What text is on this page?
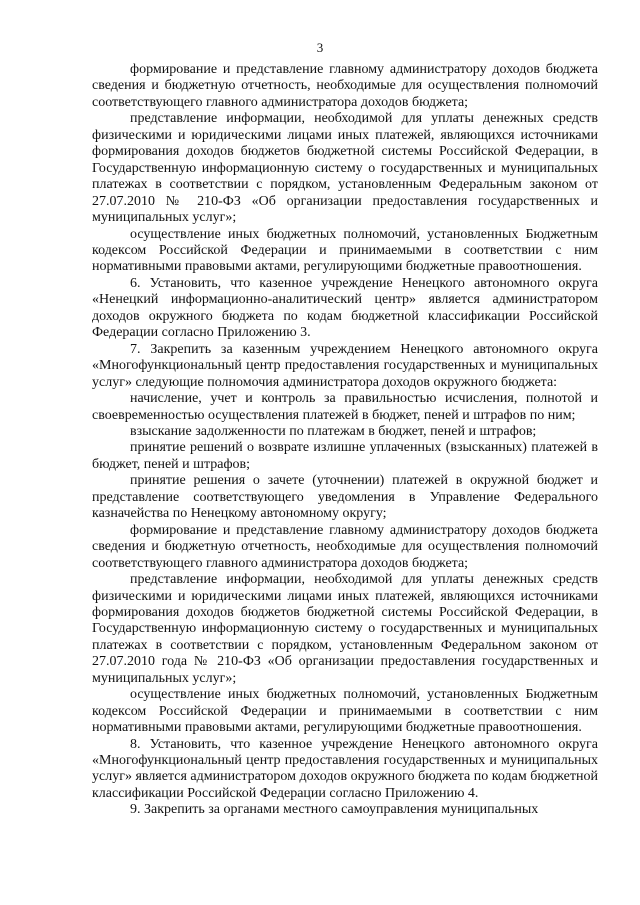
3

формирование и представление главному администратору доходов бюджета сведения и бюджетную отчетность, необходимые для осуществления полномочий соответствующего главного администратора доходов бюджета;

представление информации, необходимой для уплаты денежных средств физическими и юридическими лицами иных платежей, являющихся источниками формирования доходов бюджетов бюджетной системы Российской Федерации, в Государственную информационную систему о государственных и муниципальных платежах в соответствии с порядком, установленным Федеральным законом от 27.07.2010 № 210-ФЗ «Об организации предоставления государственных и муниципальных услуг»;

осуществление иных бюджетных полномочий, установленных Бюджетным кодексом Российской Федерации и принимаемыми в соответствии с ним нормативными правовыми актами, регулирующими бюджетные правоотношения.

6. Установить, что казенное учреждение Ненецкого автономного округа «Ненецкий информационно-аналитический центр» является администратором доходов окружного бюджета по кодам бюджетной классификации Российской Федерации согласно Приложению 3.

7. Закрепить за казенным учреждением Ненецкого автономного округа «Многофункциональный центр предоставления государственных и муниципальных услуг» следующие полномочия администратора доходов окружного бюджета:

начисление, учет и контроль за правильностью исчисления, полнотой и своевременностью осуществления платежей в бюджет, пеней и штрафов по ним;

взыскание задолженности по платежам в бюджет, пеней и штрафов;

принятие решений о возврате излишне уплаченных (взысканных) платежей в бюджет, пеней и штрафов;

принятие решения о зачете (уточнении) платежей в окружной бюджет и представление соответствующего уведомления в Управление Федерального казначейства по Ненецкому автономному округу;

формирование и представление главному администратору доходов бюджета сведения и бюджетную отчетность, необходимые для осуществления полномочий соответствующего главного администратора доходов бюджета;

представление информации, необходимой для уплаты денежных средств физическими и юридическими лицами иных платежей, являющихся источниками формирования доходов бюджетов бюджетной системы Российской Федерации, в Государственную информационную систему о государственных и муниципальных платежах в соответствии с порядком, установленным Федеральном законом от 27.07.2010 года № 210-ФЗ «Об организации предоставления государственных и муниципальных услуг»;

осуществление иных бюджетных полномочий, установленных Бюджетным кодексом Российской Федерации и принимаемыми в соответствии с ним нормативными правовыми актами, регулирующими бюджетные правоотношения.

8. Установить, что казенное учреждение Ненецкого автономного округа «Многофункциональный центр предоставления государственных и муниципальных услуг» является администратором доходов окружного бюджета по кодам бюджетной классификации Российской Федерации согласно Приложению 4.

9. Закрепить за органами местного самоуправления муниципальных
